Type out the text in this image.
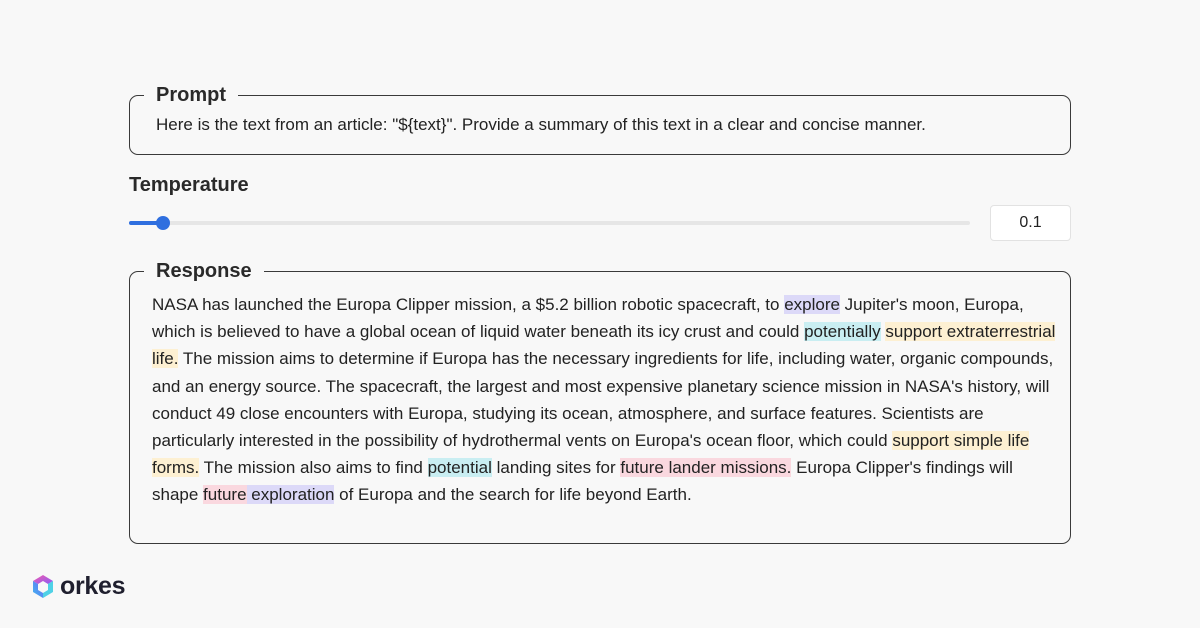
Prompt
Here is the text from an article: "${text}". Provide a summary of this text in a clear and concise manner.
Temperature
0.1
Response
NASA has launched the Europa Clipper mission, a $5.2 billion robotic spacecraft, to explore Jupiter's moon, Europa, which is believed to have a global ocean of liquid water beneath its icy crust and could potentially support extraterrestrial life. The mission aims to determine if Europa has the necessary ingredients for life, including water, organic compounds, and an energy source. The spacecraft, the largest and most expensive planetary science mission in NASA's history, will conduct 49 close encounters with Europa, studying its ocean, atmosphere, and surface features. Scientists are particularly interested in the possibility of hydrothermal vents on Europa's ocean floor, which could support simple life forms. The mission also aims to find potential landing sites for future lander missions. Europa Clipper's findings will shape future exploration of Europa and the search for life beyond Earth.
orkes
